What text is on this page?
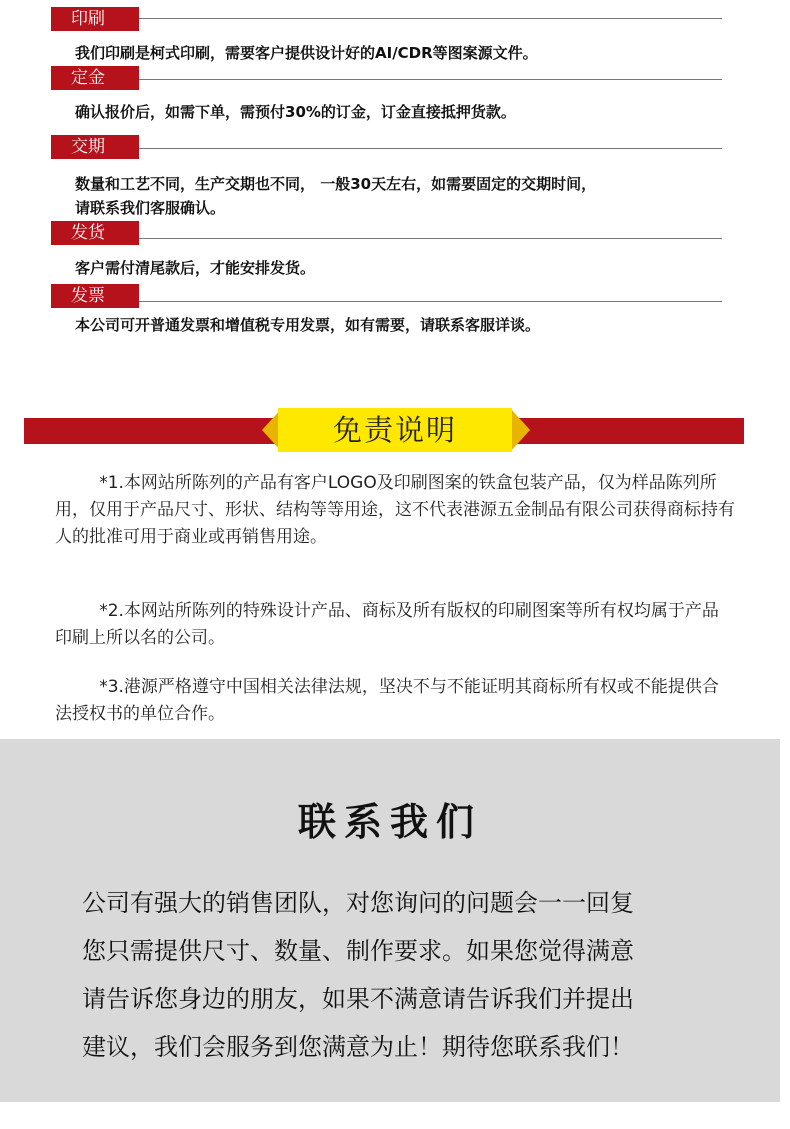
印刷
我们印刷是柯式印刷，需要客户提供设计好的AI/CDR等图案源文件。
定金
确认报价后，如需下单，需预付30%的订金，订金直接抵押货款。
交期
数量和工艺不同，生产交期也不同， 一般30天左右，如需要固定的交期时间，
请联系我们客服确认。
发货
客户需付清尾款后，才能安排发货。
发票
本公司可开普通发票和增值税专用发票，如有需要，请联系客服详谈。
免责说明
*1.本网站所陈列的产品有客户LOGO及印刷图案的铁盒包装产品，仅为样品陈列所用，仅用于产品尺寸、形状、结构等等用途，这不代表港源五金制品有限公司获得商标持有人的批准可用于商业或再销售用途。
*2.本网站所陈列的特殊设计产品、商标及所有版权的印刷图案等所有权均属于产品印刷上所以名的公司。
*3.港源严格遵守中国相关法律法规，坚决不与不能证明其商标所有权或不能提供合法授权书的单位合作。
联系我们
公司有强大的销售团队，对您询问的问题会一一回复
您只需提供尺寸、数量、制作要求。如果您觉得满意
请告诉您身边的朋友，如果不满意请告诉我们并提出
建议，我们会服务到您满意为止！期待您联系我们！
